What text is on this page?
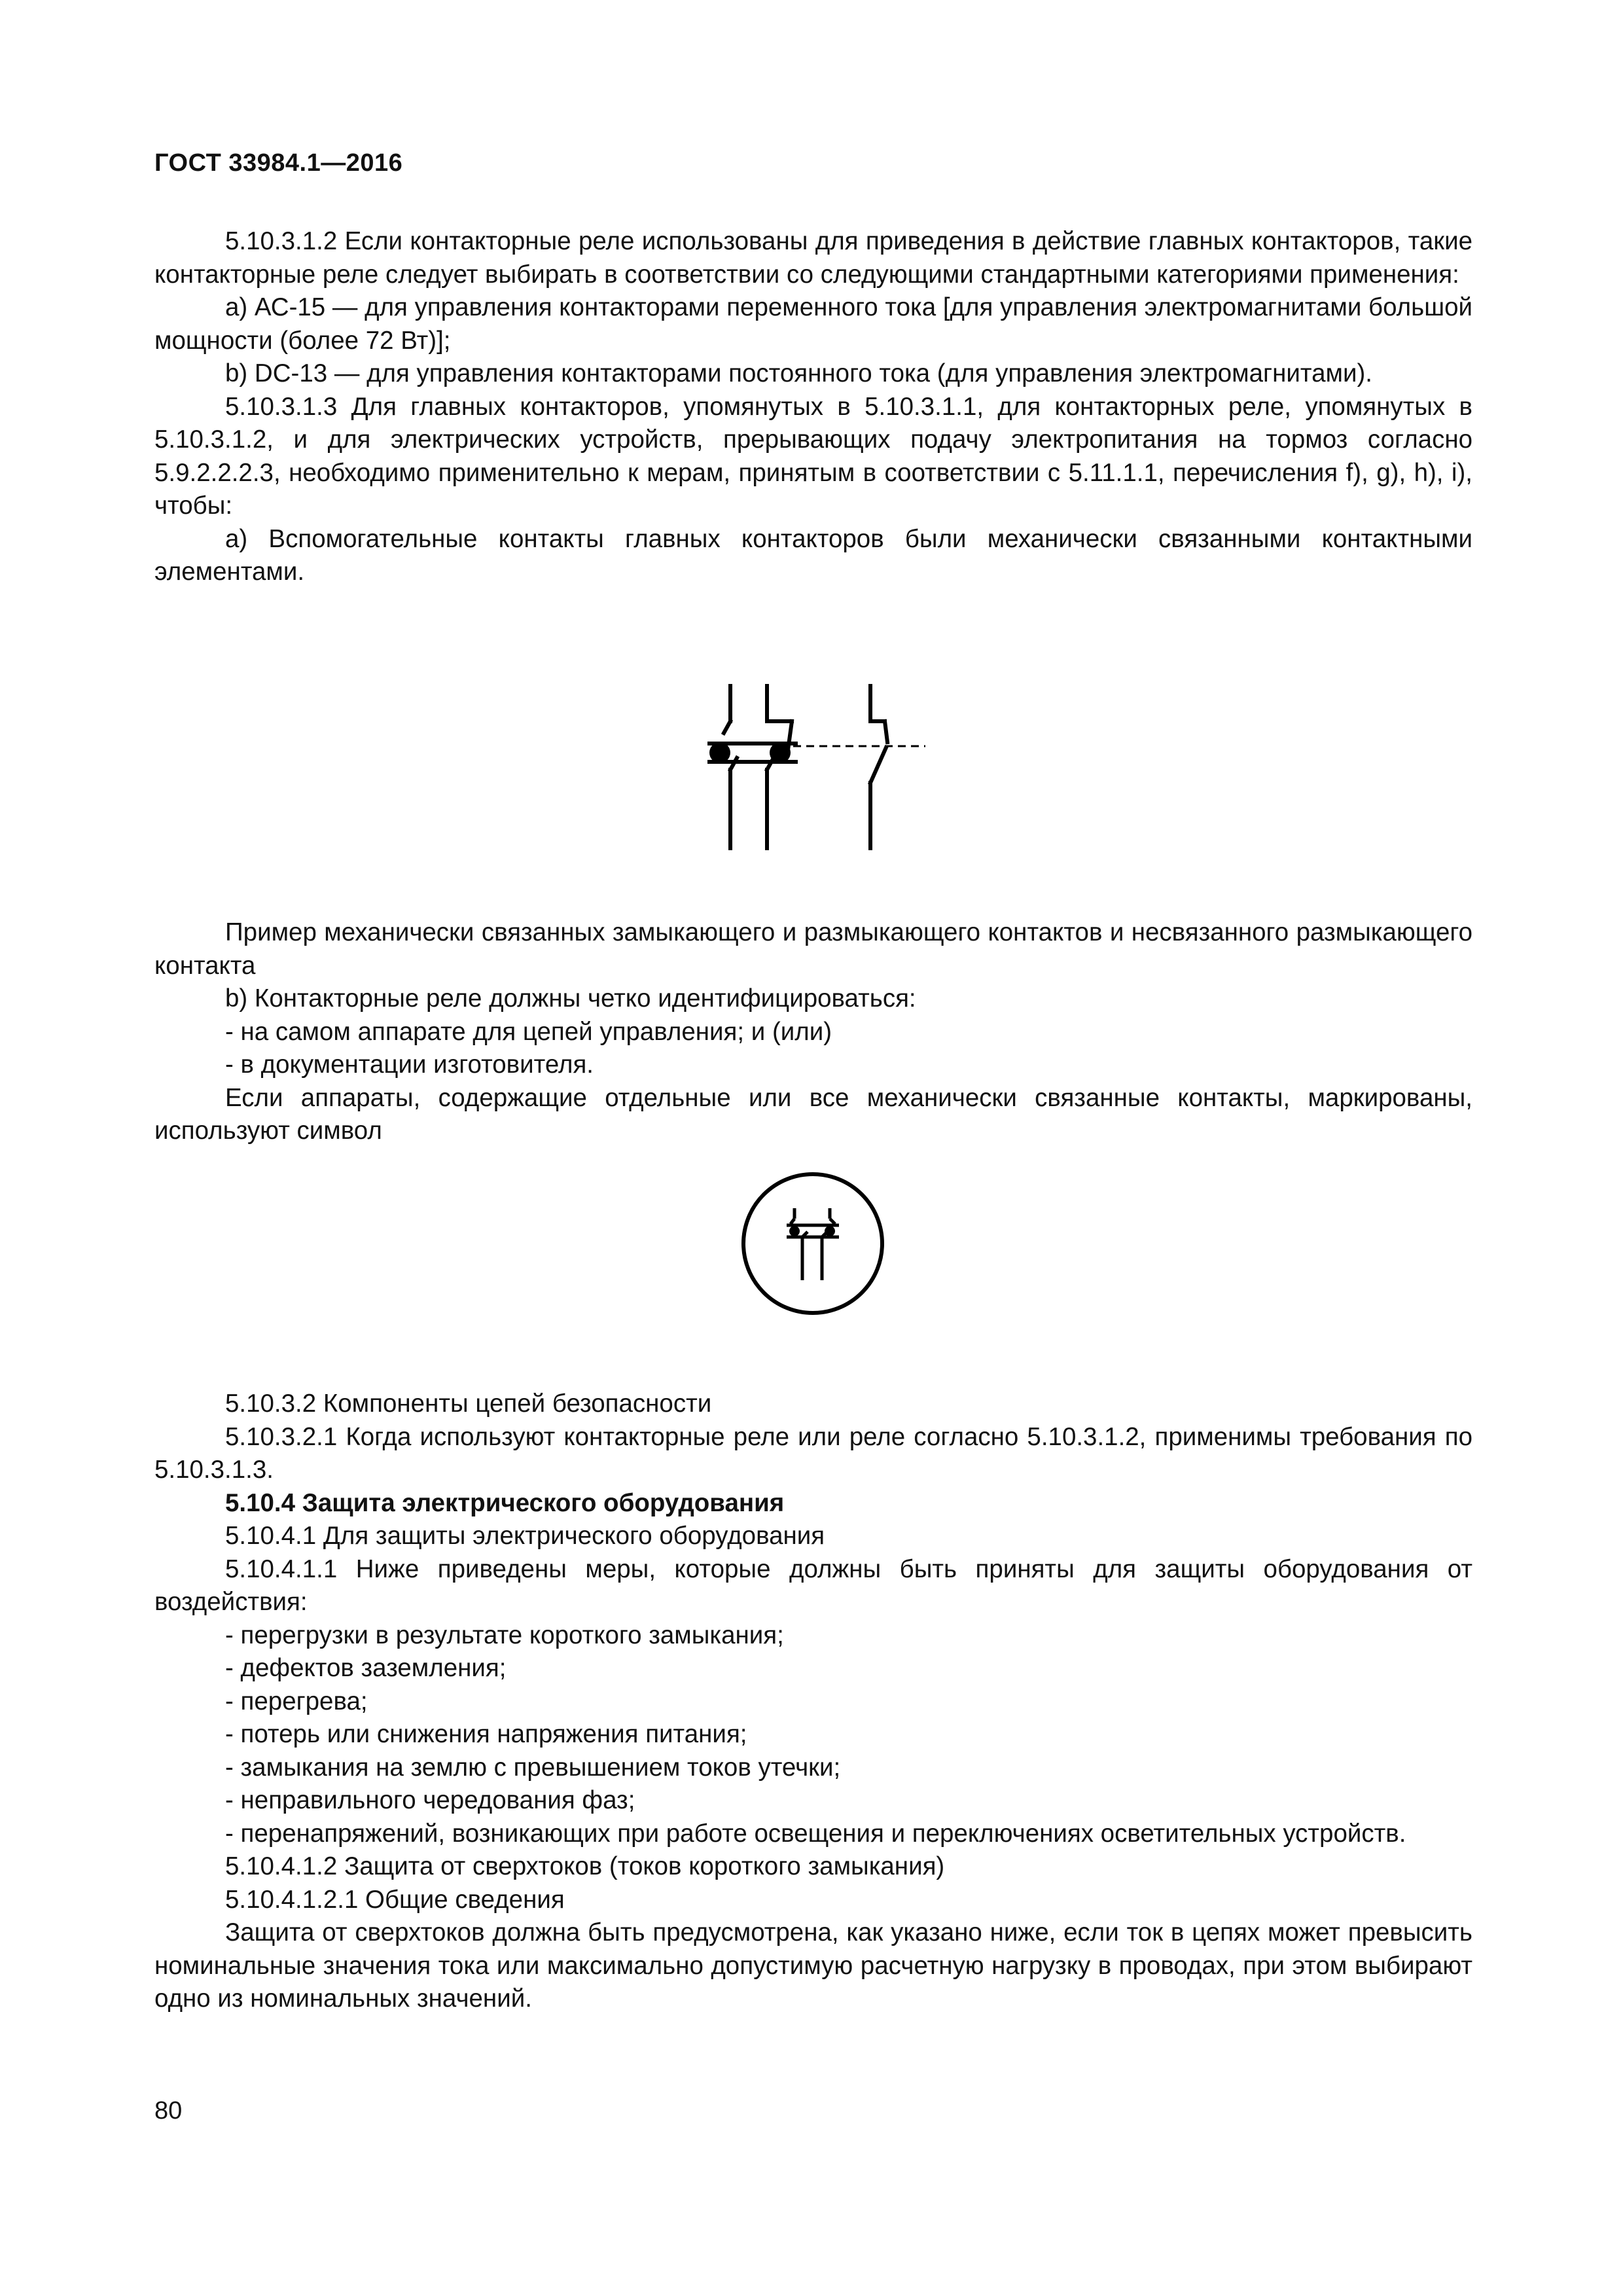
ГОСТ 33984.1—2016

5.10.3.1.2 Если контакторные реле использованы для приведения в действие главных контакторов, такие контакторные реле следует выбирать в соответствии со следующими стандартными категориями применения:

a) АС-15 — для управления контакторами переменного тока [для управления электромагнитами большой мощности (более 72 Вт)];

b) DC-13 — для управления контакторами постоянного тока (для управления электромагнитами).

5.10.3.1.3 Для главных контакторов, упомянутых в 5.10.3.1.1, для контакторных реле, упомянутых в 5.10.3.1.2, и для электрических устройств, прерывающих подачу электропитания на тормоз согласно 5.9.2.2.2.3, необходимо применительно к мерам, принятым в соответствии с 5.11.1.1, перечисления f), g), h), i), чтобы:

a) Вспомогательные контакты главных контакторов были механически связанными контактными элементами.

Пример механически связанных замыкающего и размыкающего контактов и несвязанного размыкающего контакта

b) Контакторные реле должны четко идентифицироваться:

- на самом аппарате для цепей управления; и (или)

- в документации изготовителя.

Если аппараты, содержащие отдельные или все механически связанные контакты, маркированы, используют символ

5.10.3.2 Компоненты цепей безопасности

5.10.3.2.1 Когда используют контакторные реле или реле согласно 5.10.3.1.2, применимы требования по 5.10.3.1.3.

5.10.4 Защита электрического оборудования

5.10.4.1 Для защиты электрического оборудования

5.10.4.1.1 Ниже приведены меры, которые должны быть приняты для защиты оборудования от воздействия:

- перегрузки в результате короткого замыкания;

- дефектов заземления;

- перегрева;

- потерь или снижения напряжения питания;

- замыкания на землю с превышением токов утечки;

- неправильного чередования фаз;

- перенапряжений, возникающих при работе освещения и переключениях осветительных устройств.

5.10.4.1.2 Защита от сверхтоков (токов короткого замыкания)

5.10.4.1.2.1 Общие сведения

Защита от сверхтоков должна быть предусмотрена, как указано ниже, если ток в цепях может превысить номинальные значения тока или максимально допустимую расчетную нагрузку в проводах, при этом выбирают одно из номинальных значений.

80
